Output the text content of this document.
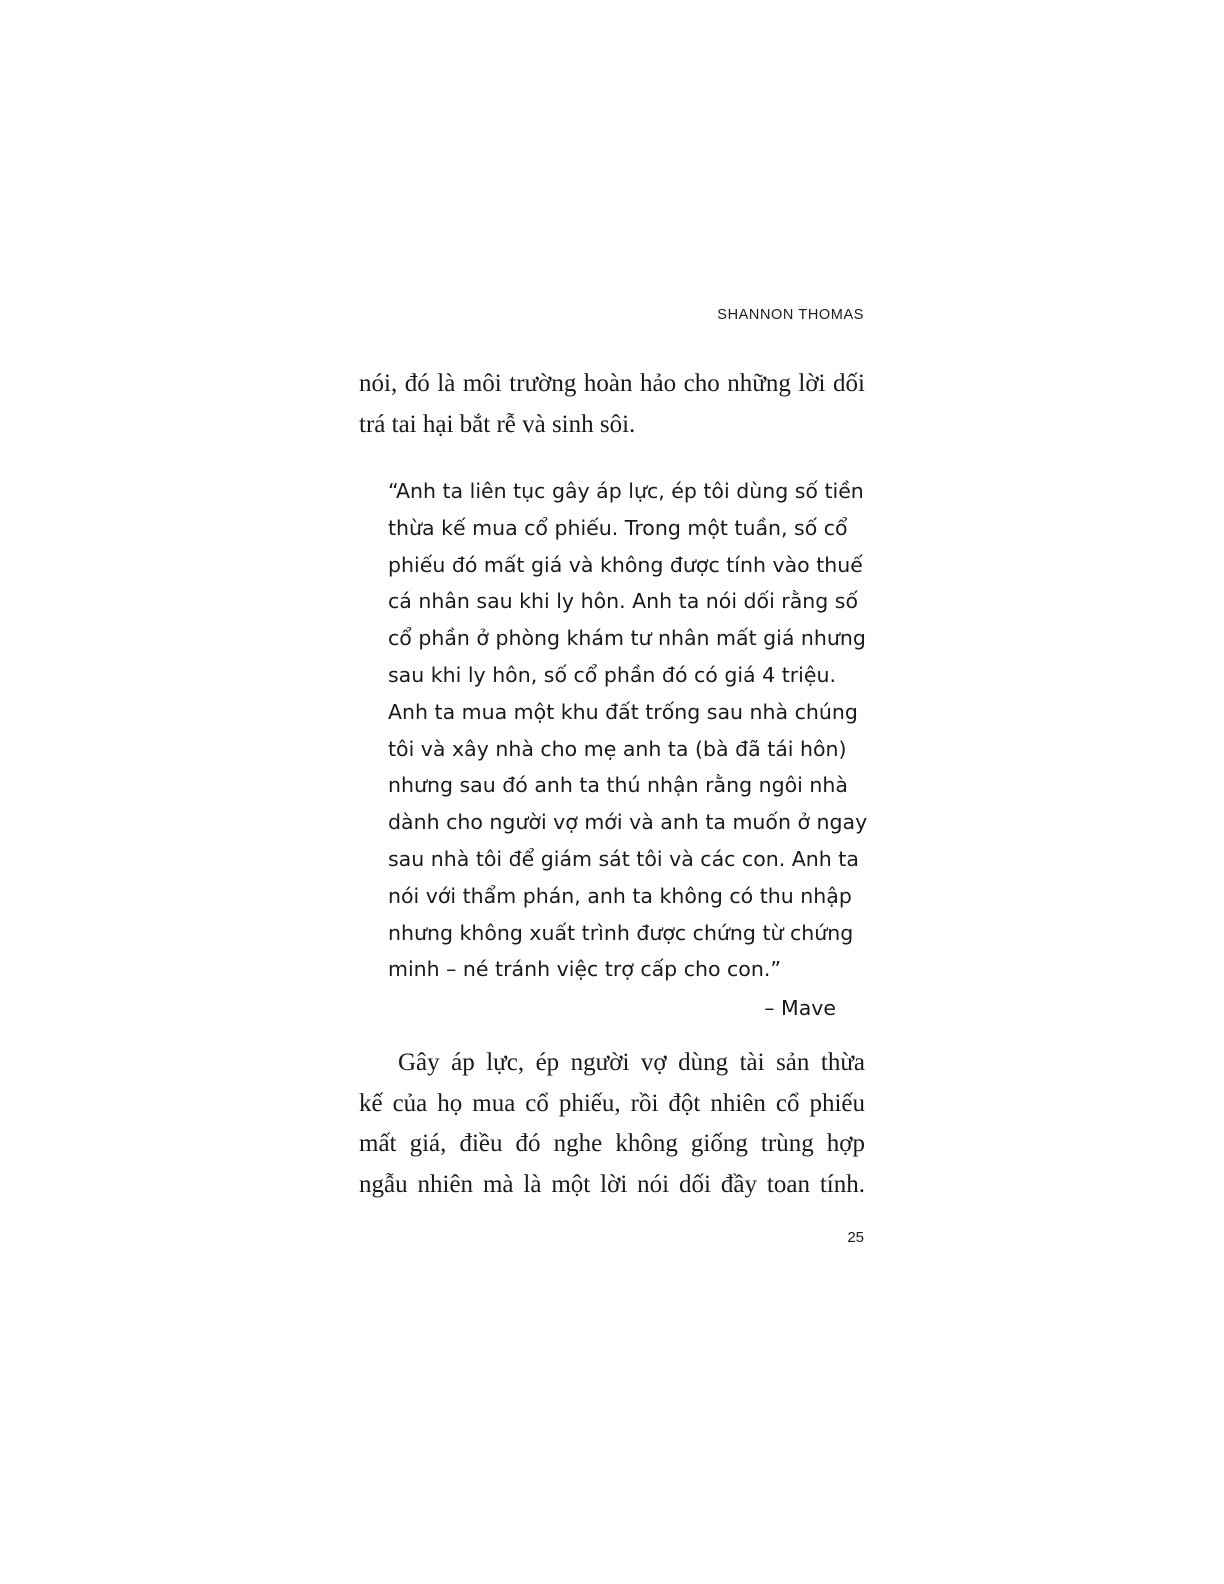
SHANNON THOMAS
nói, đó là môi trường hoàn hảo cho những lời dối
trá tai hại bắt rễ và sinh sôi.
“Anh ta liên tục gây áp lực, ép tôi dùng số tiền
thừa kế mua cổ phiếu. Trong một tuần, số cổ
phiếu đó mất giá và không được tính vào thuế
cá nhân sau khi ly hôn. Anh ta nói dối rằng số
cổ phần ở phòng khám tư nhân mất giá nhưng
sau khi ly hôn, số cổ phần đó có giá 4 triệu.
Anh ta mua một khu đất trống sau nhà chúng
tôi và xây nhà cho mẹ anh ta (bà đã tái hôn)
nhưng sau đó anh ta thú nhận rằng ngôi nhà
dành cho người vợ mới và anh ta muốn ở ngay
sau nhà tôi để giám sát tôi và các con. Anh ta
nói với thẩm phán, anh ta không có thu nhập
nhưng không xuất trình được chứng từ chứng
minh – né tránh việc trợ cấp cho con.”
– Mave
Gây áp lực, ép người vợ dùng tài sản thừa
kế của họ mua cổ phiếu, rồi đột nhiên cổ phiếu
mất giá, điều đó nghe không giống trùng hợp
ngẫu nhiên mà là một lời nói dối đầy toan tính.
25
